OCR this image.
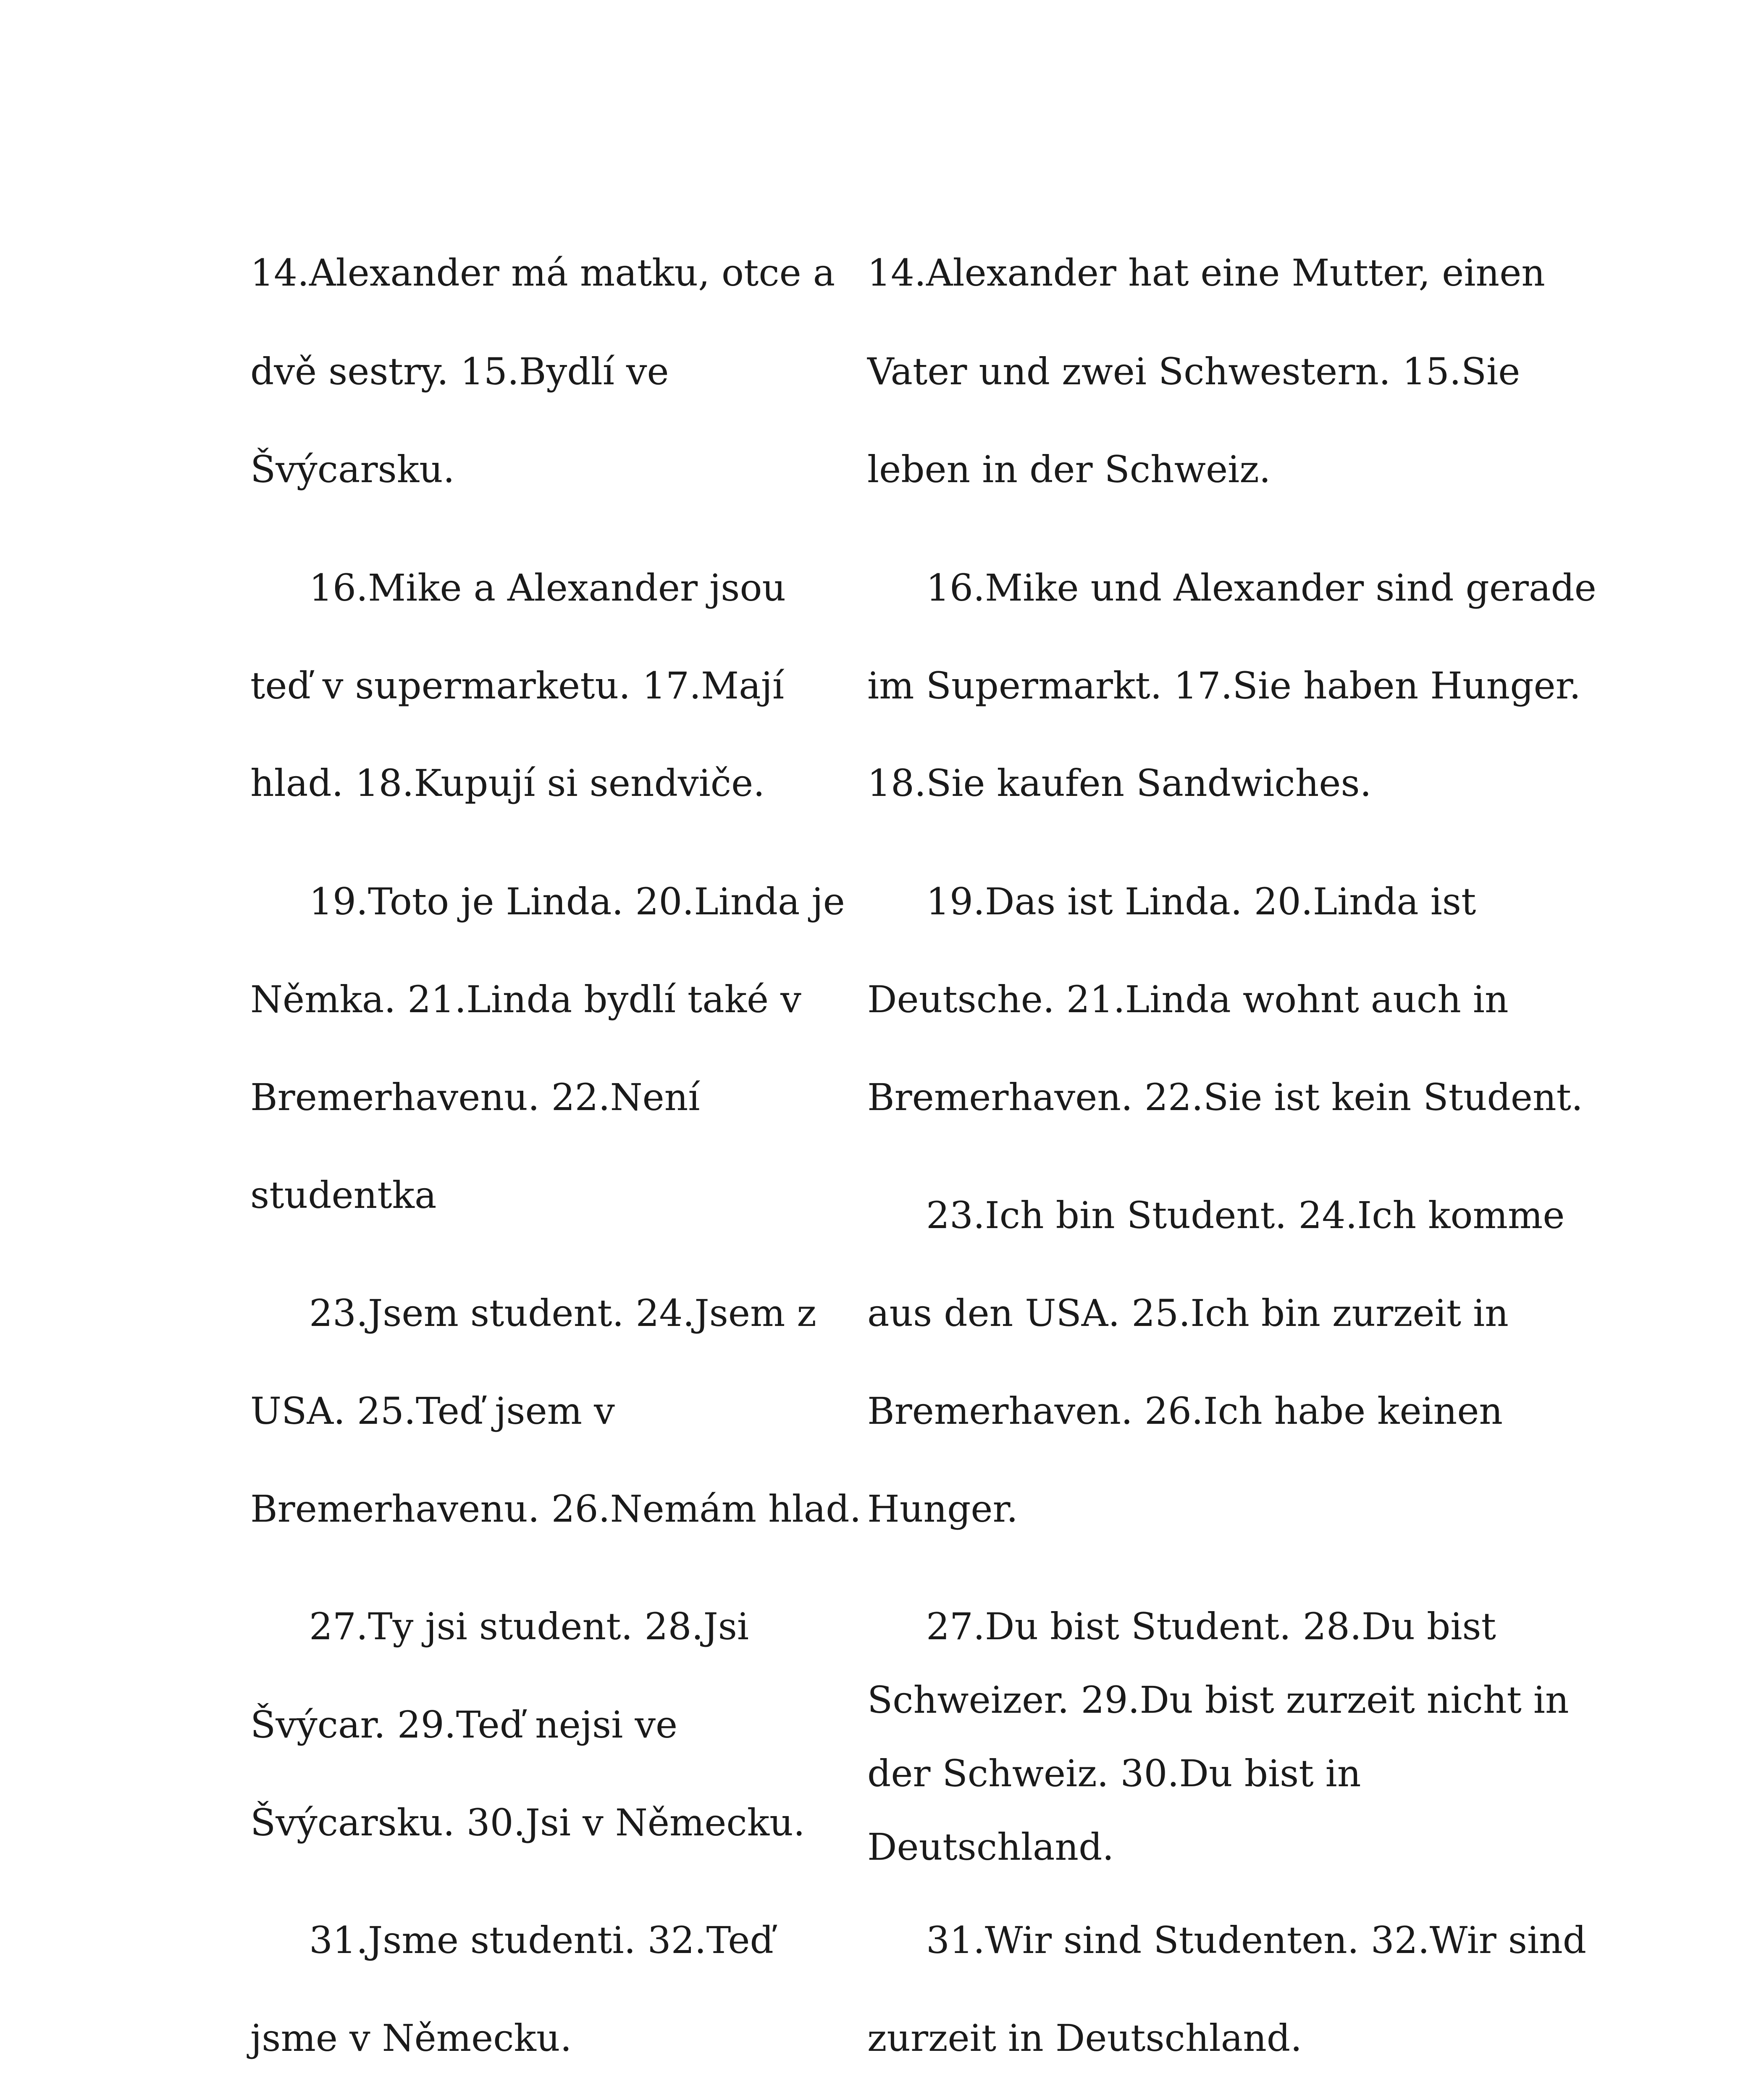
14.Alexander má matku, otce a
dvě sestry. 15.Bydlí ve
Švýcarsku.
16.Mike a Alexander jsou
teď v supermarketu. 17.Mají
hlad. 18.Kupují si sendviče.
19.Toto je Linda. 20.Linda je
Němka. 21.Linda bydlí také v
Bremerhavenu. 22.Není
studentka
23.Jsem student. 24.Jsem z
USA. 25.Teď jsem v
Bremerhavenu. 26.Nemám hlad.
27.Ty jsi student. 28.Jsi
Švýcar. 29.Teď nejsi ve
Švýcarsku. 30.Jsi v Německu.
31.Jsme studenti. 32.Teď
jsme v Německu.
14.Alexander hat eine Mutter, einen
Vater und zwei Schwestern. 15.Sie
leben in der Schweiz.
16.Mike und Alexander sind gerade
im Supermarkt. 17.Sie haben Hunger.
18.Sie kaufen Sandwiches.
19.Das ist Linda. 20.Linda ist
Deutsche. 21.Linda wohnt auch in
Bremerhaven. 22.Sie ist kein Student.
23.Ich bin Student. 24.Ich komme
aus den USA. 25.Ich bin zurzeit in
Bremerhaven. 26.Ich habe keinen
Hunger.
27.Du bist Student. 28.Du bist
Schweizer. 29.Du bist zurzeit nicht in
der Schweiz. 30.Du bist in
Deutschland.
31.Wir sind Studenten. 32.Wir sind
zurzeit in Deutschland.
